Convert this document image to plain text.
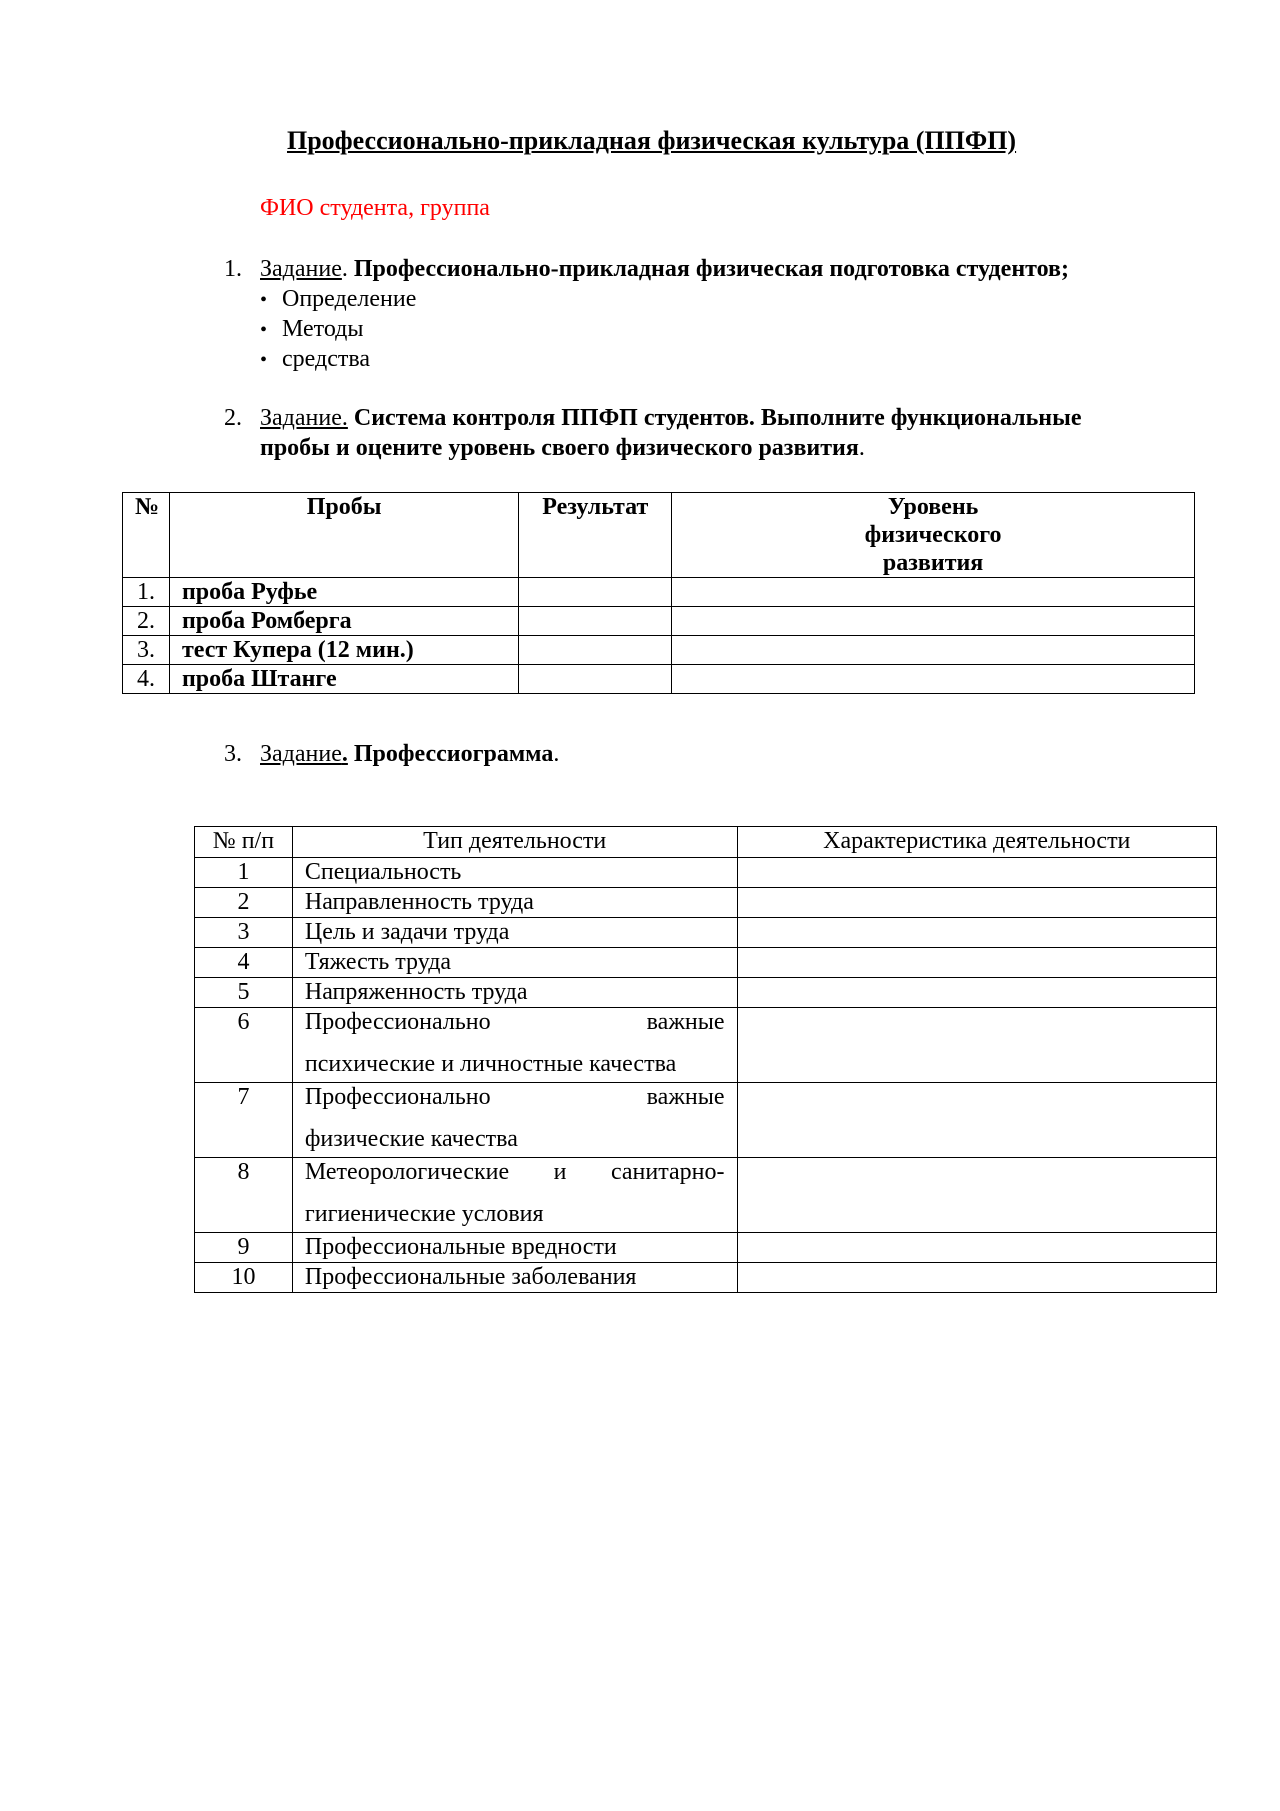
Профессионально-прикладная физическая культура (ППФП)
ФИО студента, группа
1. Задание. Профессионально-прикладная физическая подготовка студентов;
• Определение
• Методы
• средства
2. Задание. Система контроля ППФП студентов. Выполните функциональные
пробы и оцените уровень своего физического развития.
№	Пробы	Результат	Уровень физического развития
1.	проба Руфье		
2.	проба Ромберга		
3.	тест Купера (12 мин.)		
4.	проба Штанге		
3. Задание. Профессиограмма.
№ п/п	Тип деятельности	Характеристика деятельности
1	Специальность	
2	Направленность труда	
3	Цель и задачи труда	
4	Тяжесть труда	
5	Напряженность труда	
6	Профессионально важные
психические и личностные качества	

7	Профессионально важные
физические качества	

8	Метеорологические и санитарно-
гигиенические условия	

9	Профессиональные вредности	
10	Профессиональные заболевания	
